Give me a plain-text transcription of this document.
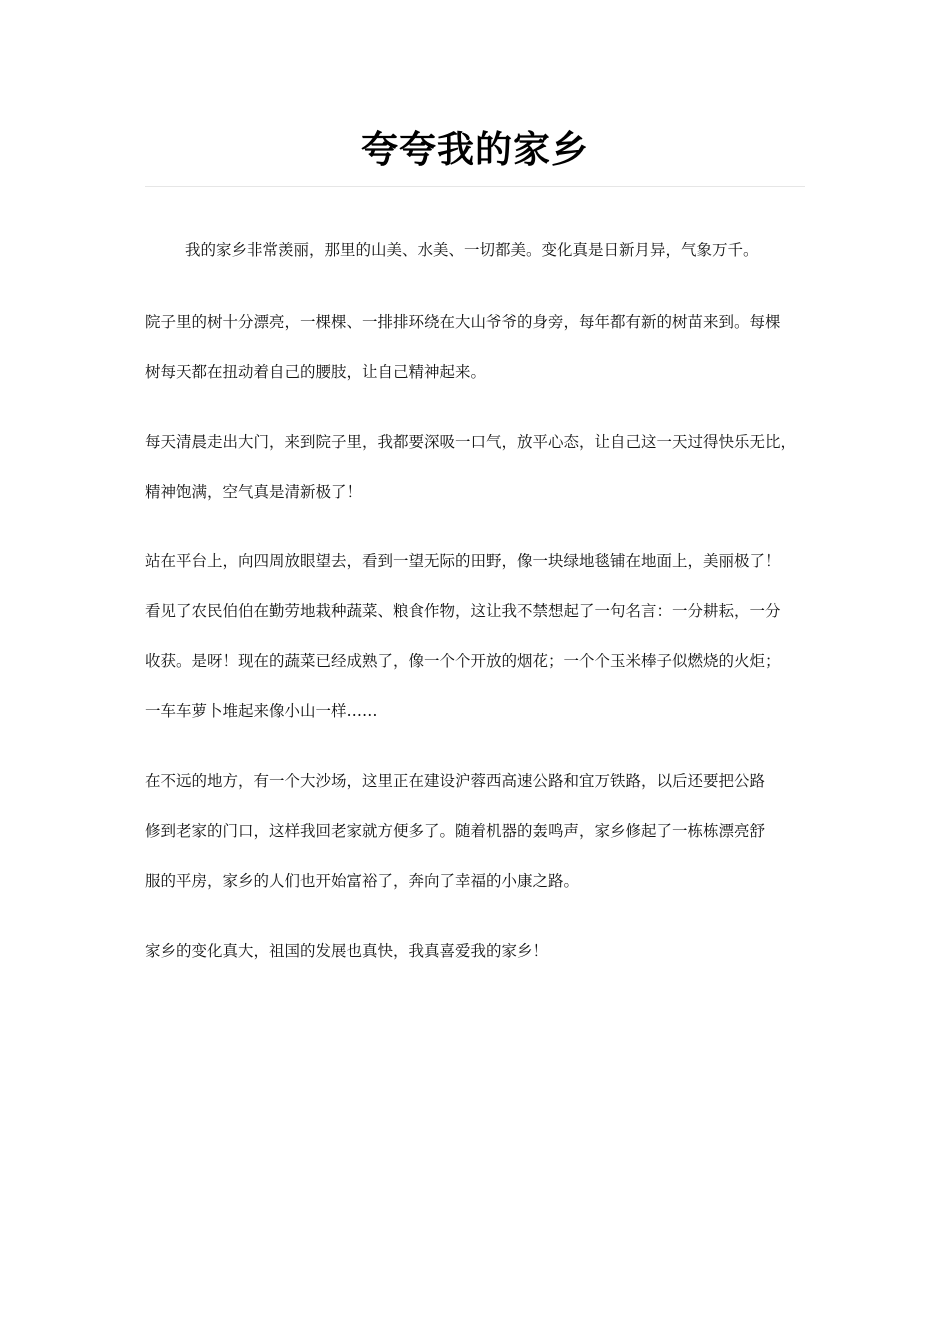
夸夸我的家乡
我的家乡非常羡丽，那里的山美、水美、一切都美。变化真是日新月异，气象万千。
院子里的树十分漂亮，一棵棵、一排排环绕在大山爷爷的身旁，每年都有新的树苗来到。每棵
树每天都在扭动着自己的腰肢，让自己精神起来。
每天清晨走出大门，来到院子里，我都要深吸一口气，放平心态，让自己这一天过得快乐无比，
精神饱满，空气真是清新极了！
站在平台上，向四周放眼望去，看到一望无际的田野，像一块绿地毯铺在地面上，美丽极了！
看见了农民伯伯在勤劳地栽种蔬菜、粮食作物，这让我不禁想起了一句名言：一分耕耘，一分
收获。是呀！现在的蔬菜已经成熟了，像一个个开放的烟花；一个个玉米棒子似燃烧的火炬；
一车车萝卜堆起来像小山一样……
在不远的地方，有一个大沙场，这里正在建设沪蓉西高速公路和宜万铁路，以后还要把公路
修到老家的门口，这样我回老家就方便多了。随着机器的轰鸣声，家乡修起了一栋栋漂亮舒
服的平房，家乡的人们也开始富裕了，奔向了幸福的小康之路。
家乡的变化真大，祖国的发展也真快，我真喜爱我的家乡！
